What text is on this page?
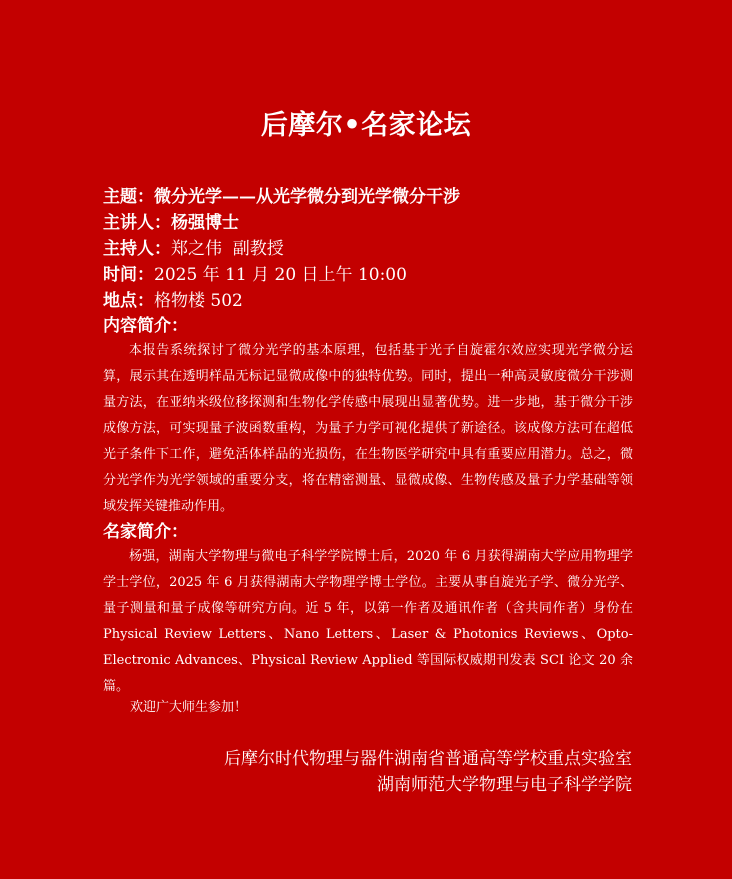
后摩尔•名家论坛
主题：微分光学——从光学微分到光学微分干涉
主讲人：杨强博士
主持人：郑之伟  副教授
时间：2025 年 11 月 20 日上午 10:00
地点：格物楼 502
内容简介：

本报告系统探讨了微分光学的基本原理，包括基于光子自旋霍尔效应实现光学微分运算，展示其在透明样品无标记显微成像中的独特优势。同时，提出一种高灵敏度微分干涉测量方法，在亚纳米级位移探测和生物化学传感中展现出显著优势。进一步地，基于微分干涉成像方法，可实现量子波函数重构，为量子力学可视化提供了新途径。该成像方法可在超低光子条件下工作，避免活体样品的光损伤，在生物医学研究中具有重要应用潜力。总之，微分光学作为光学领域的重要分支，将在精密测量、显微成像、生物传感及量子力学基础等领域发挥关键推动作用。

名家简介：

杨强，湖南大学物理与微电子科学学院博士后，2020 年 6 月获得湖南大学应用物理学学士学位，2025 年 6 月获得湖南大学物理学博士学位。主要从事自旋光子学、微分光学、量子测量和量子成像等研究方向。近 5 年，以第一作者及通讯作者（含共同作者）身份在 Physical Review Letters、Nano Letters、Laser & Photonics Reviews、Opto-Electronic Advances、Physical Review Applied 等国际权威期刊发表 SCI 论文 20 余篇。

欢迎广大师生参加！
后摩尔时代物理与器件湖南省普通高等学校重点实验室
湖南师范大学物理与电子科学学院
